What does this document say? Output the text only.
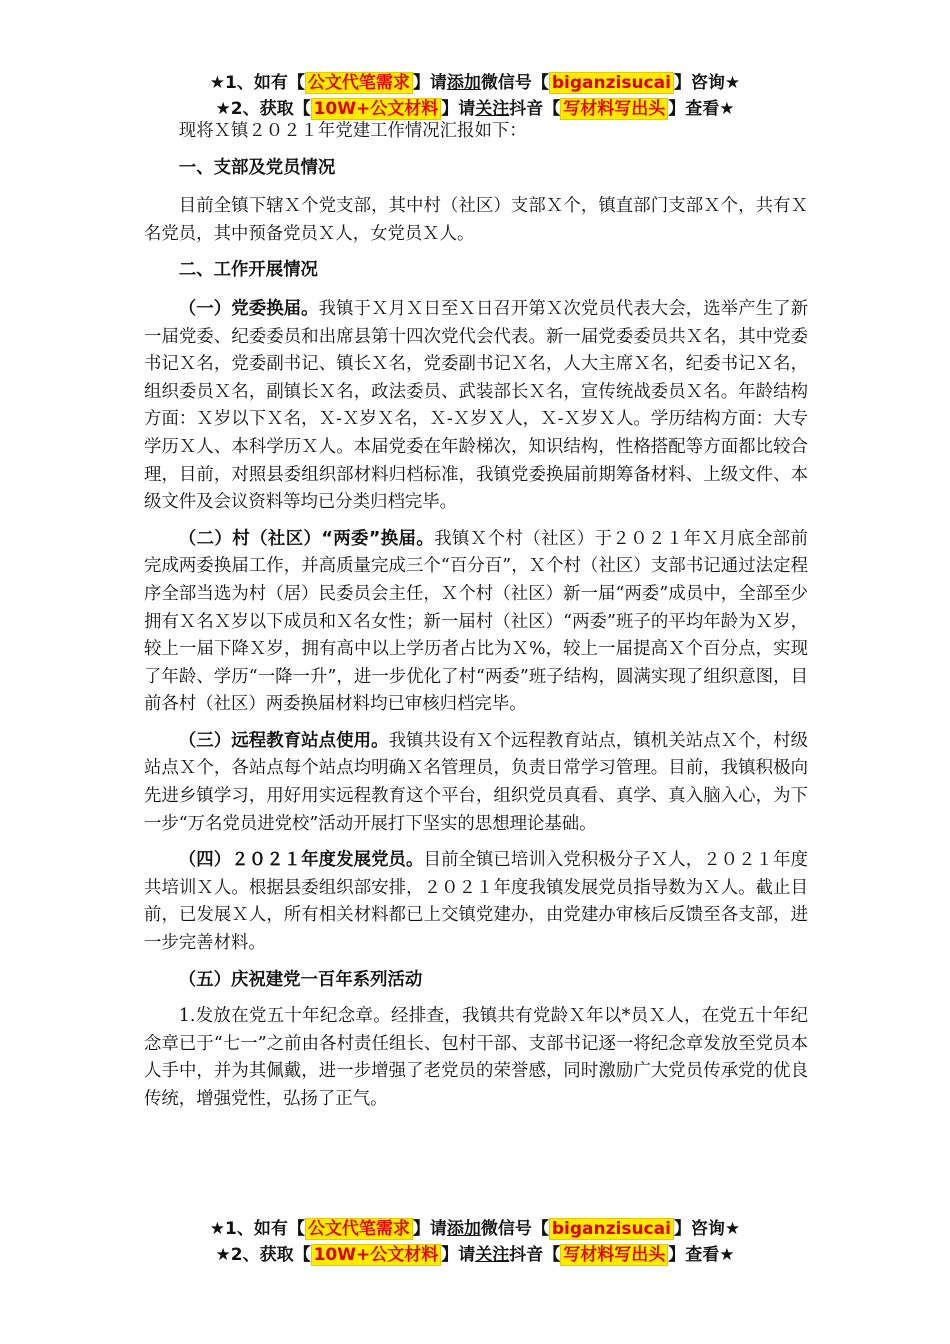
★1、如有【 公文代笔需求 】请添加微信号【 biganzisucai 】咨询★
★2、获取【 10W+公文材料 】请关注抖音【 写材料写出头 】查看★

现将Ｘ镇２０２１年党建工作情况汇报如下：

一、支部及党员情况

目前全镇下辖Ｘ个党支部，其中村（社区）支部Ｘ个，镇直部门支部Ｘ个，共有Ｘ名党员，其中预备党员Ｘ人，女党员Ｘ人。

二、工作开展情况

（一）党委换届。我镇于Ｘ月Ｘ日至Ｘ日召开第Ｘ次党员代表大会，选举产生了新一届党委、纪委委员和出席县第十四次党代会代表。新一届党委委员共Ｘ名，其中党委书记Ｘ名，党委副书记、镇长Ｘ名，党委副书记Ｘ名，人大主席Ｘ名，纪委书记Ｘ名，组织委员Ｘ名，副镇长Ｘ名，政法委员、武装部长Ｘ名，宣传统战委员Ｘ名。年龄结构方面：Ｘ岁以下Ｘ名，Ｘ-Ｘ岁Ｘ名，Ｘ-Ｘ岁Ｘ人，Ｘ-Ｘ岁Ｘ人。学历结构方面：大专学历Ｘ人、本科学历Ｘ人。本届党委在年龄梯次，知识结构，性格搭配等方面都比较合理，目前，对照县委组织部材料归档标准，我镇党委换届前期筹备材料、上级文件、本级文件及会议资料等均已分类归档完毕。

（二）村（社区）“两委”换届。我镇Ｘ个村（社区）于２０２１年Ｘ月底全部前完成两委换届工作，并高质量完成三个“百分百”，Ｘ个村（社区）支部书记通过法定程序全部当选为村（居）民委员会主任，Ｘ个村（社区）新一届“两委”成员中，全部至少拥有Ｘ名Ｘ岁以下成员和Ｘ名女性；新一届村（社区）“两委”班子的平均年龄为Ｘ岁，较上一届下降Ｘ岁，拥有高中以上学历者占比为Ｘ%，较上一届提高Ｘ个百分点，实现了年龄、学历“一降一升”，进一步优化了村“两委”班子结构，圆满实现了组织意图，目前各村（社区）两委换届材料均已审核归档完毕。

（三）远程教育站点使用。我镇共设有Ｘ个远程教育站点，镇机关站点Ｘ个，村级站点Ｘ个，各站点每个站点均明确Ｘ名管理员，负责日常学习管理。目前，我镇积极向先进乡镇学习，用好用实远程教育这个平台，组织党员真看、真学、真入脑入心，为下一步“万名党员进党校”活动开展打下坚实的思想理论基础。

（四）２０２１年度发展党员。目前全镇已培训入党积极分子Ｘ人，２０２１年度共培训Ｘ人。根据县委组织部安排，２０２１年度我镇发展党员指导数为Ｘ人。截止目前，已发展Ｘ人，所有相关材料都已上交镇党建办，由党建办审核后反馈至各支部，进一步完善材料。

（五）庆祝建党一百年系列活动

1.发放在党五十年纪念章。经排查，我镇共有党龄Ｘ年以*员Ｘ人，在党五十年纪念章已于“七一”之前由各村责任组长、包村干部、支部书记逐一将纪念章发放至党员本人手中，并为其佩戴，进一步增强了老党员的荣誉感，同时激励广大党员传承党的优良传统，增强党性，弘扬了正气。

★1、如有【 公文代笔需求 】请添加微信号【 biganzisucai 】咨询★
★2、获取【 10W+公文材料 】请关注抖音【 写材料写出头 】查看★
